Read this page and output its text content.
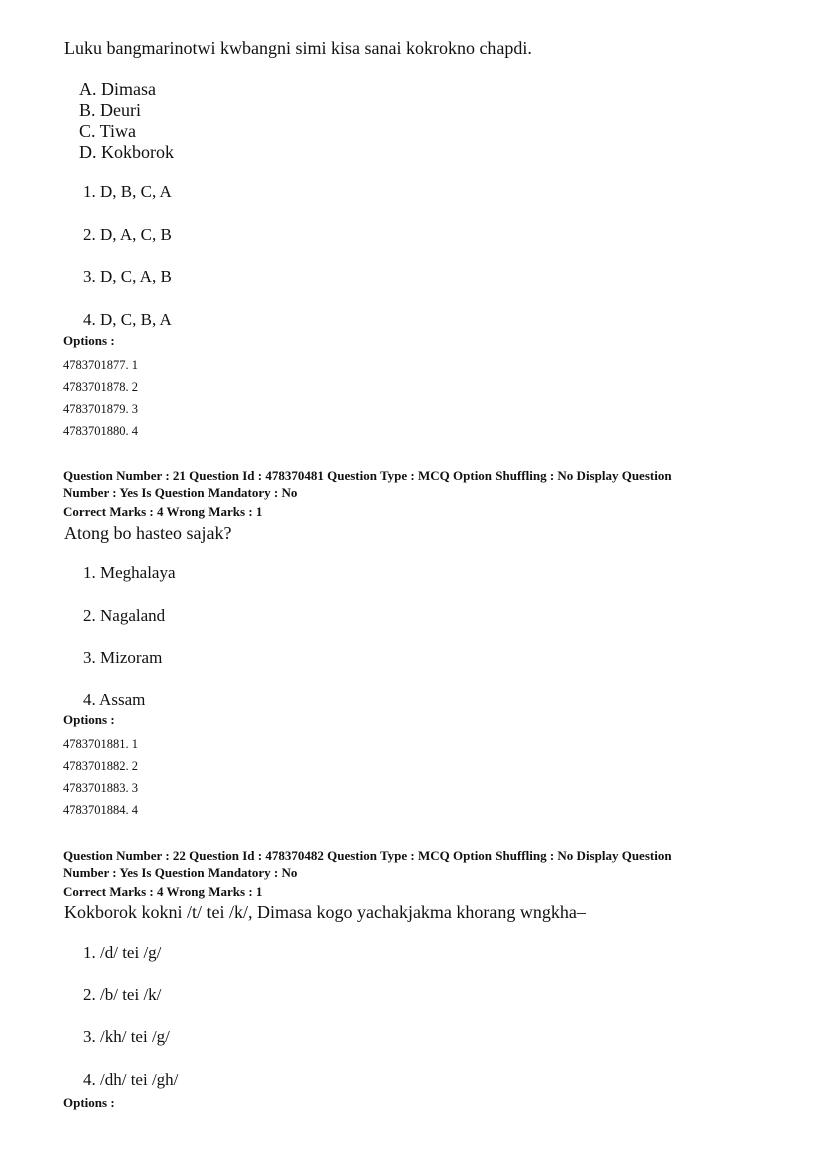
Luku bangmarinotwi kwbangni simi kisa sanai kokrokno chapdi.
A. Dimasa
B. Deuri
C. Tiwa
D. Kokborok
1. D, B, C, A
2. D, A, C, B
3. D, C, A, B
4. D, C, B, A
Options :
4783701877. 1
4783701878. 2
4783701879. 3
4783701880. 4
Question Number : 21 Question Id : 478370481 Question Type : MCQ Option Shuffling : No Display Question
Number : Yes Is Question Mandatory : No
Correct Marks : 4 Wrong Marks : 1
Atong bo hasteo sajak?
1. Meghalaya
2. Nagaland
3. Mizoram
4. Assam
Options :
4783701881. 1
4783701882. 2
4783701883. 3
4783701884. 4
Question Number : 22 Question Id : 478370482 Question Type : MCQ Option Shuffling : No Display Question
Number : Yes Is Question Mandatory : No
Correct Marks : 4 Wrong Marks : 1
Kokborok kokni /t/ tei /k/, Dimasa kogo yachakjakma khorang wngkha–
1. /d/ tei /g/
2. /b/ tei /k/
3. /kh/ tei /g/
4. /dh/ tei /gh/
Options :
